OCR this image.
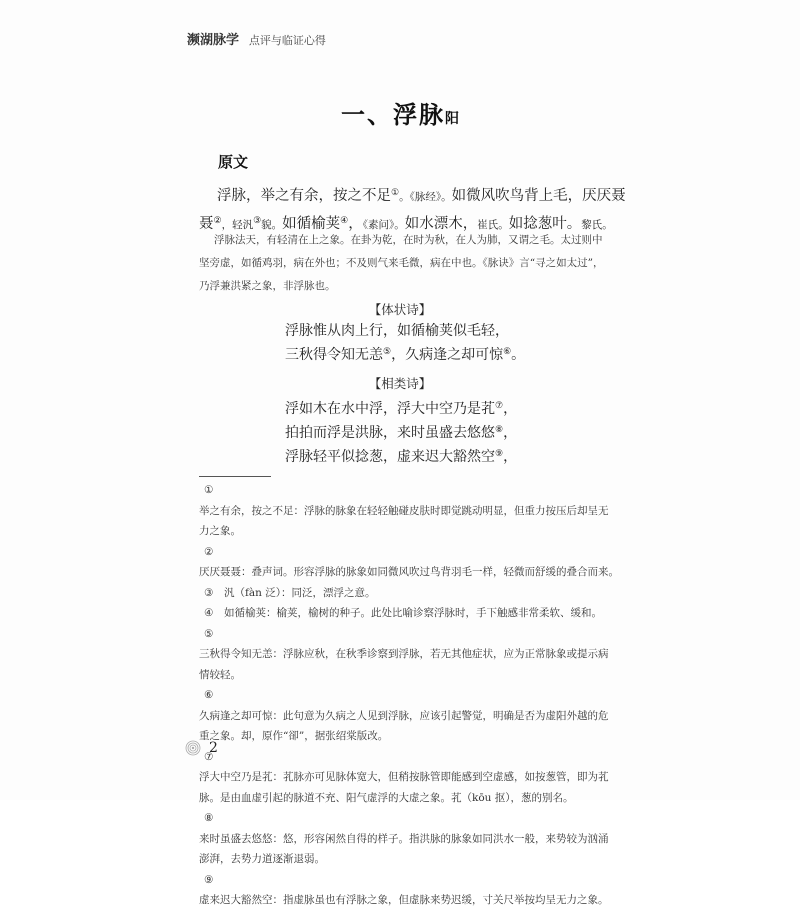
濒湖脉学 点评与临证心得
一、浮脉阳
原文

浮脉，举之有余，按之不足①。《脉经》。如微风吹鸟背上毛，厌厌聂

聂②，轻汎③貌。如循榆荚④，《素问》。如水漂木，崔氏。如捻葱叶。黎氏。

浮脉法天，有轻清在上之象。在卦为乾，在时为秋，在人为肺，又谓之毛。太过则中

坚旁虚，如循鸡羽，病在外也；不及则气来毛微，病在中也。《脉诀》言“寻之如太过”，

乃浮兼洪紧之象，非浮脉也。

【体状诗】
浮脉惟从肉上行，如循榆荚似毛轻，
三秋得令知无恙⑤，久病逢之却可惊⑥。
【相类诗】
浮如木在水中浮，浮大中空乃是芤⑦，
拍拍而浮是洪脉，来时虽盛去悠悠⑧，
浮脉轻平似捻葱，虚来迟大豁然空⑨，

①举之有余，按之不足：浮脉的脉象在轻轻触碰皮肤时即觉跳动明显，但重力按压后却呈无
力之象。

②厌厌聂聂：叠声词。形容浮脉的脉象如同微风吹过鸟背羽毛一样，轻微而舒缓的叠合而来。

③ 汎（fàn 泛）：同泛，漂浮之意。

④ 如循榆荚：榆荚，榆树的种子。此处比喻诊察浮脉时，手下触感非常柔软、缓和。

⑤三秋得令知无恙：浮脉应秋，在秋季诊察到浮脉，若无其他症状，应为正常脉象或提示病
情较轻。

⑥久病逢之却可惊：此句意为久病之人见到浮脉，应该引起警觉，明确是否为虚阳外越的危
重之象。却，原作“卻”，据张绍棠版改。

⑦浮大中空乃是芤：芤脉亦可见脉体宽大，但稍按脉管即能感到空虚感，如按葱管，即为芤
脉。是由血虚引起的脉道不充、阳气虚浮的大虚之象。芤（kōu 抠），葱的别名。

⑧来时虽盛去悠悠：悠，形容闲然自得的样子。指洪脉的脉象如同洪水一般，来势较为汹涌
澎湃，去势力道逐渐退弱。

⑨虚来迟大豁然空：指虚脉虽也有浮脉之象，但虚脉来势迟缓，寸关尺举按均呈无力之象。

2
